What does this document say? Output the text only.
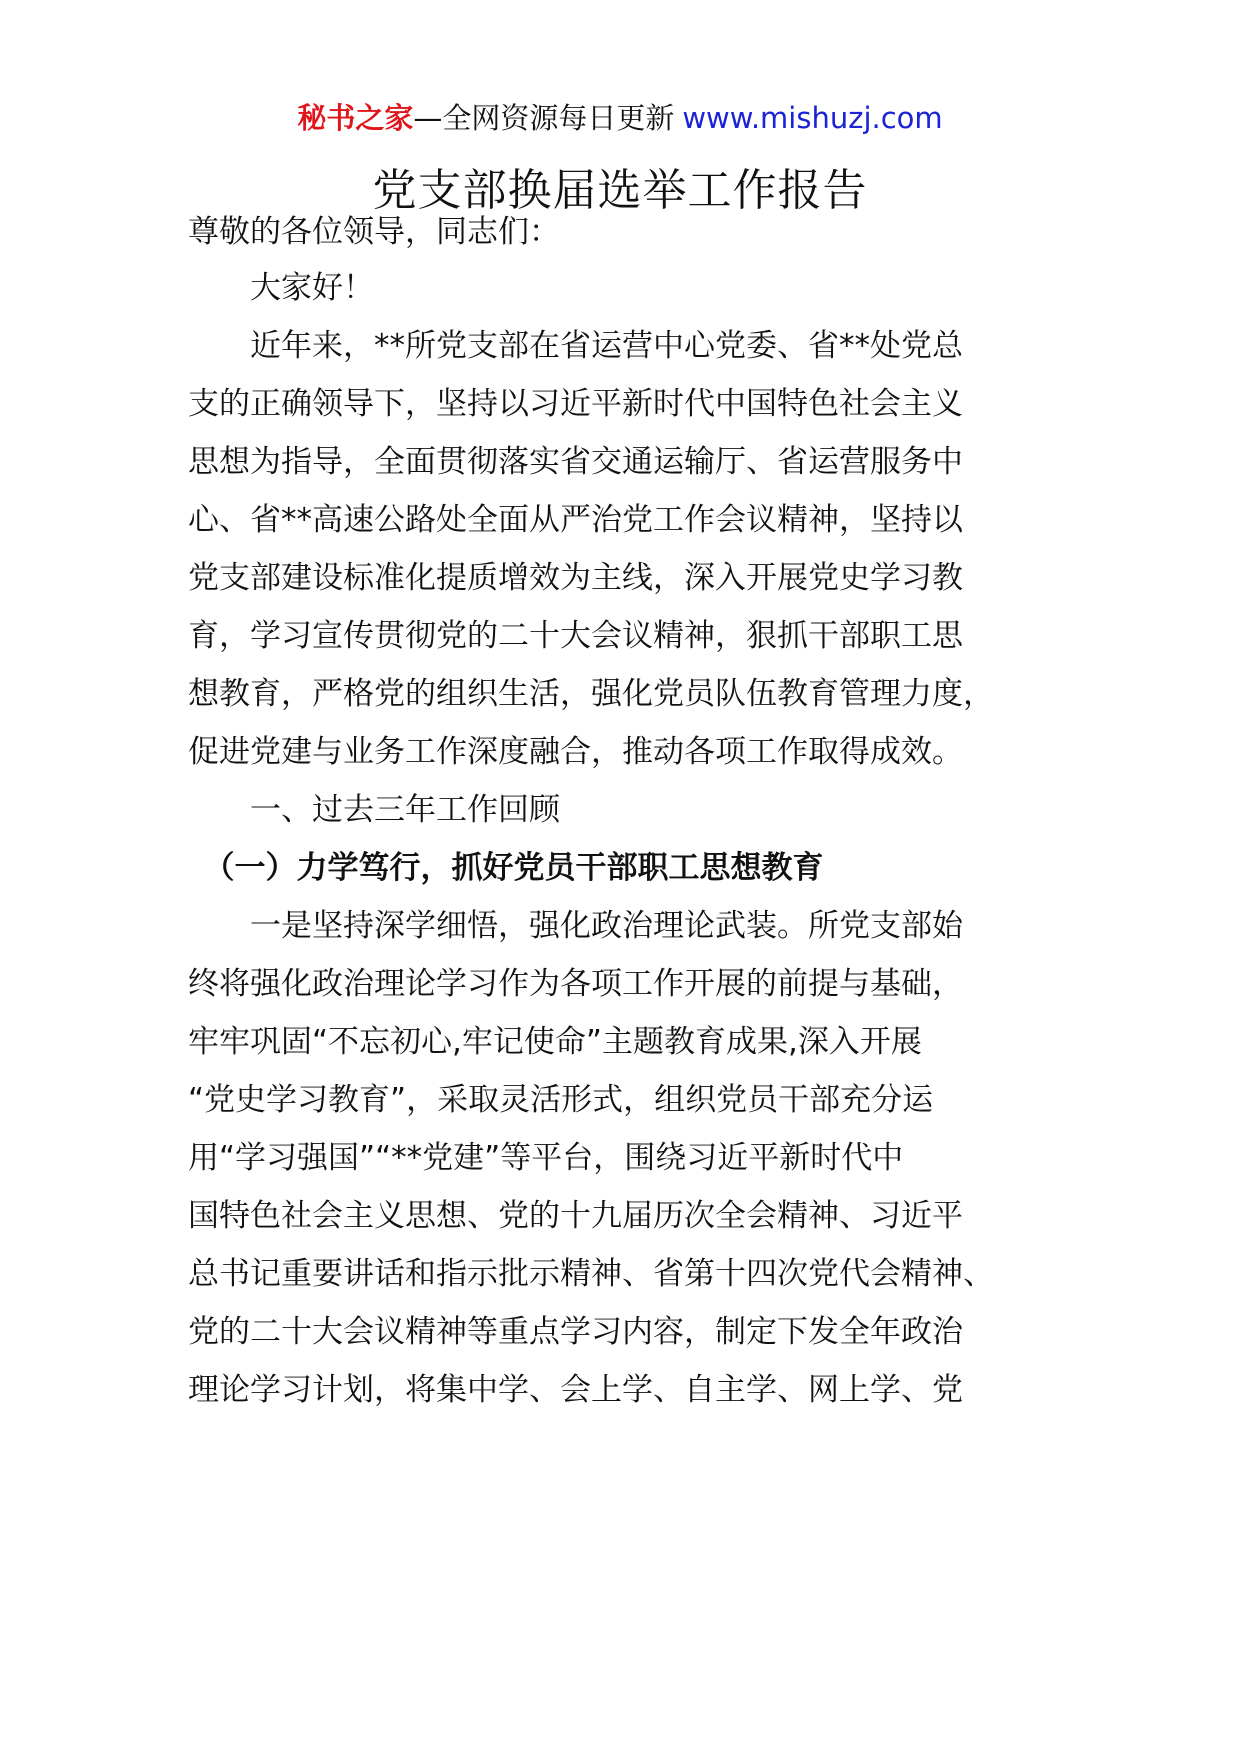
秘书之家—全网资源每日更新 www.mishuzj.com
党支部换届选举工作报告

尊敬的各位领导，同志们：

　　大家好！

　　近年来，**所党支部在省运营中心党委、省**处党总

支的正确领导下，坚持以习近平新时代中国特色社会主义

思想为指导，全面贯彻落实省交通运输厅、省运营服务中

心、省**高速公路处全面从严治党工作会议精神，坚持以

党支部建设标准化提质增效为主线，深入开展党史学习教

育，学习宣传贯彻党的二十大会议精神，狠抓干部职工思

想教育，严格党的组织生活，强化党员队伍教育管理力度，

促进党建与业务工作深度融合，推动各项工作取得成效。

　　一、过去三年工作回顾

　（一）力学笃行，抓好党员干部职工思想教育

　　一是坚持深学细悟，强化政治理论武装。所党支部始

终将强化政治理论学习作为各项工作开展的前提与基础，

牢牢巩固“不忘初心,牢记使命”主题教育成果,深入开展

“党史学习教育”，采取灵活形式，组织党员干部充分运

用“学习强国”“**党建”等平台，围绕习近平新时代中

国特色社会主义思想、党的十九届历次全会精神、习近平

总书记重要讲话和指示批示精神、省第十四次党代会精神、

党的二十大会议精神等重点学习内容，制定下发全年政治

理论学习计划，将集中学、会上学、自主学、网上学、党
